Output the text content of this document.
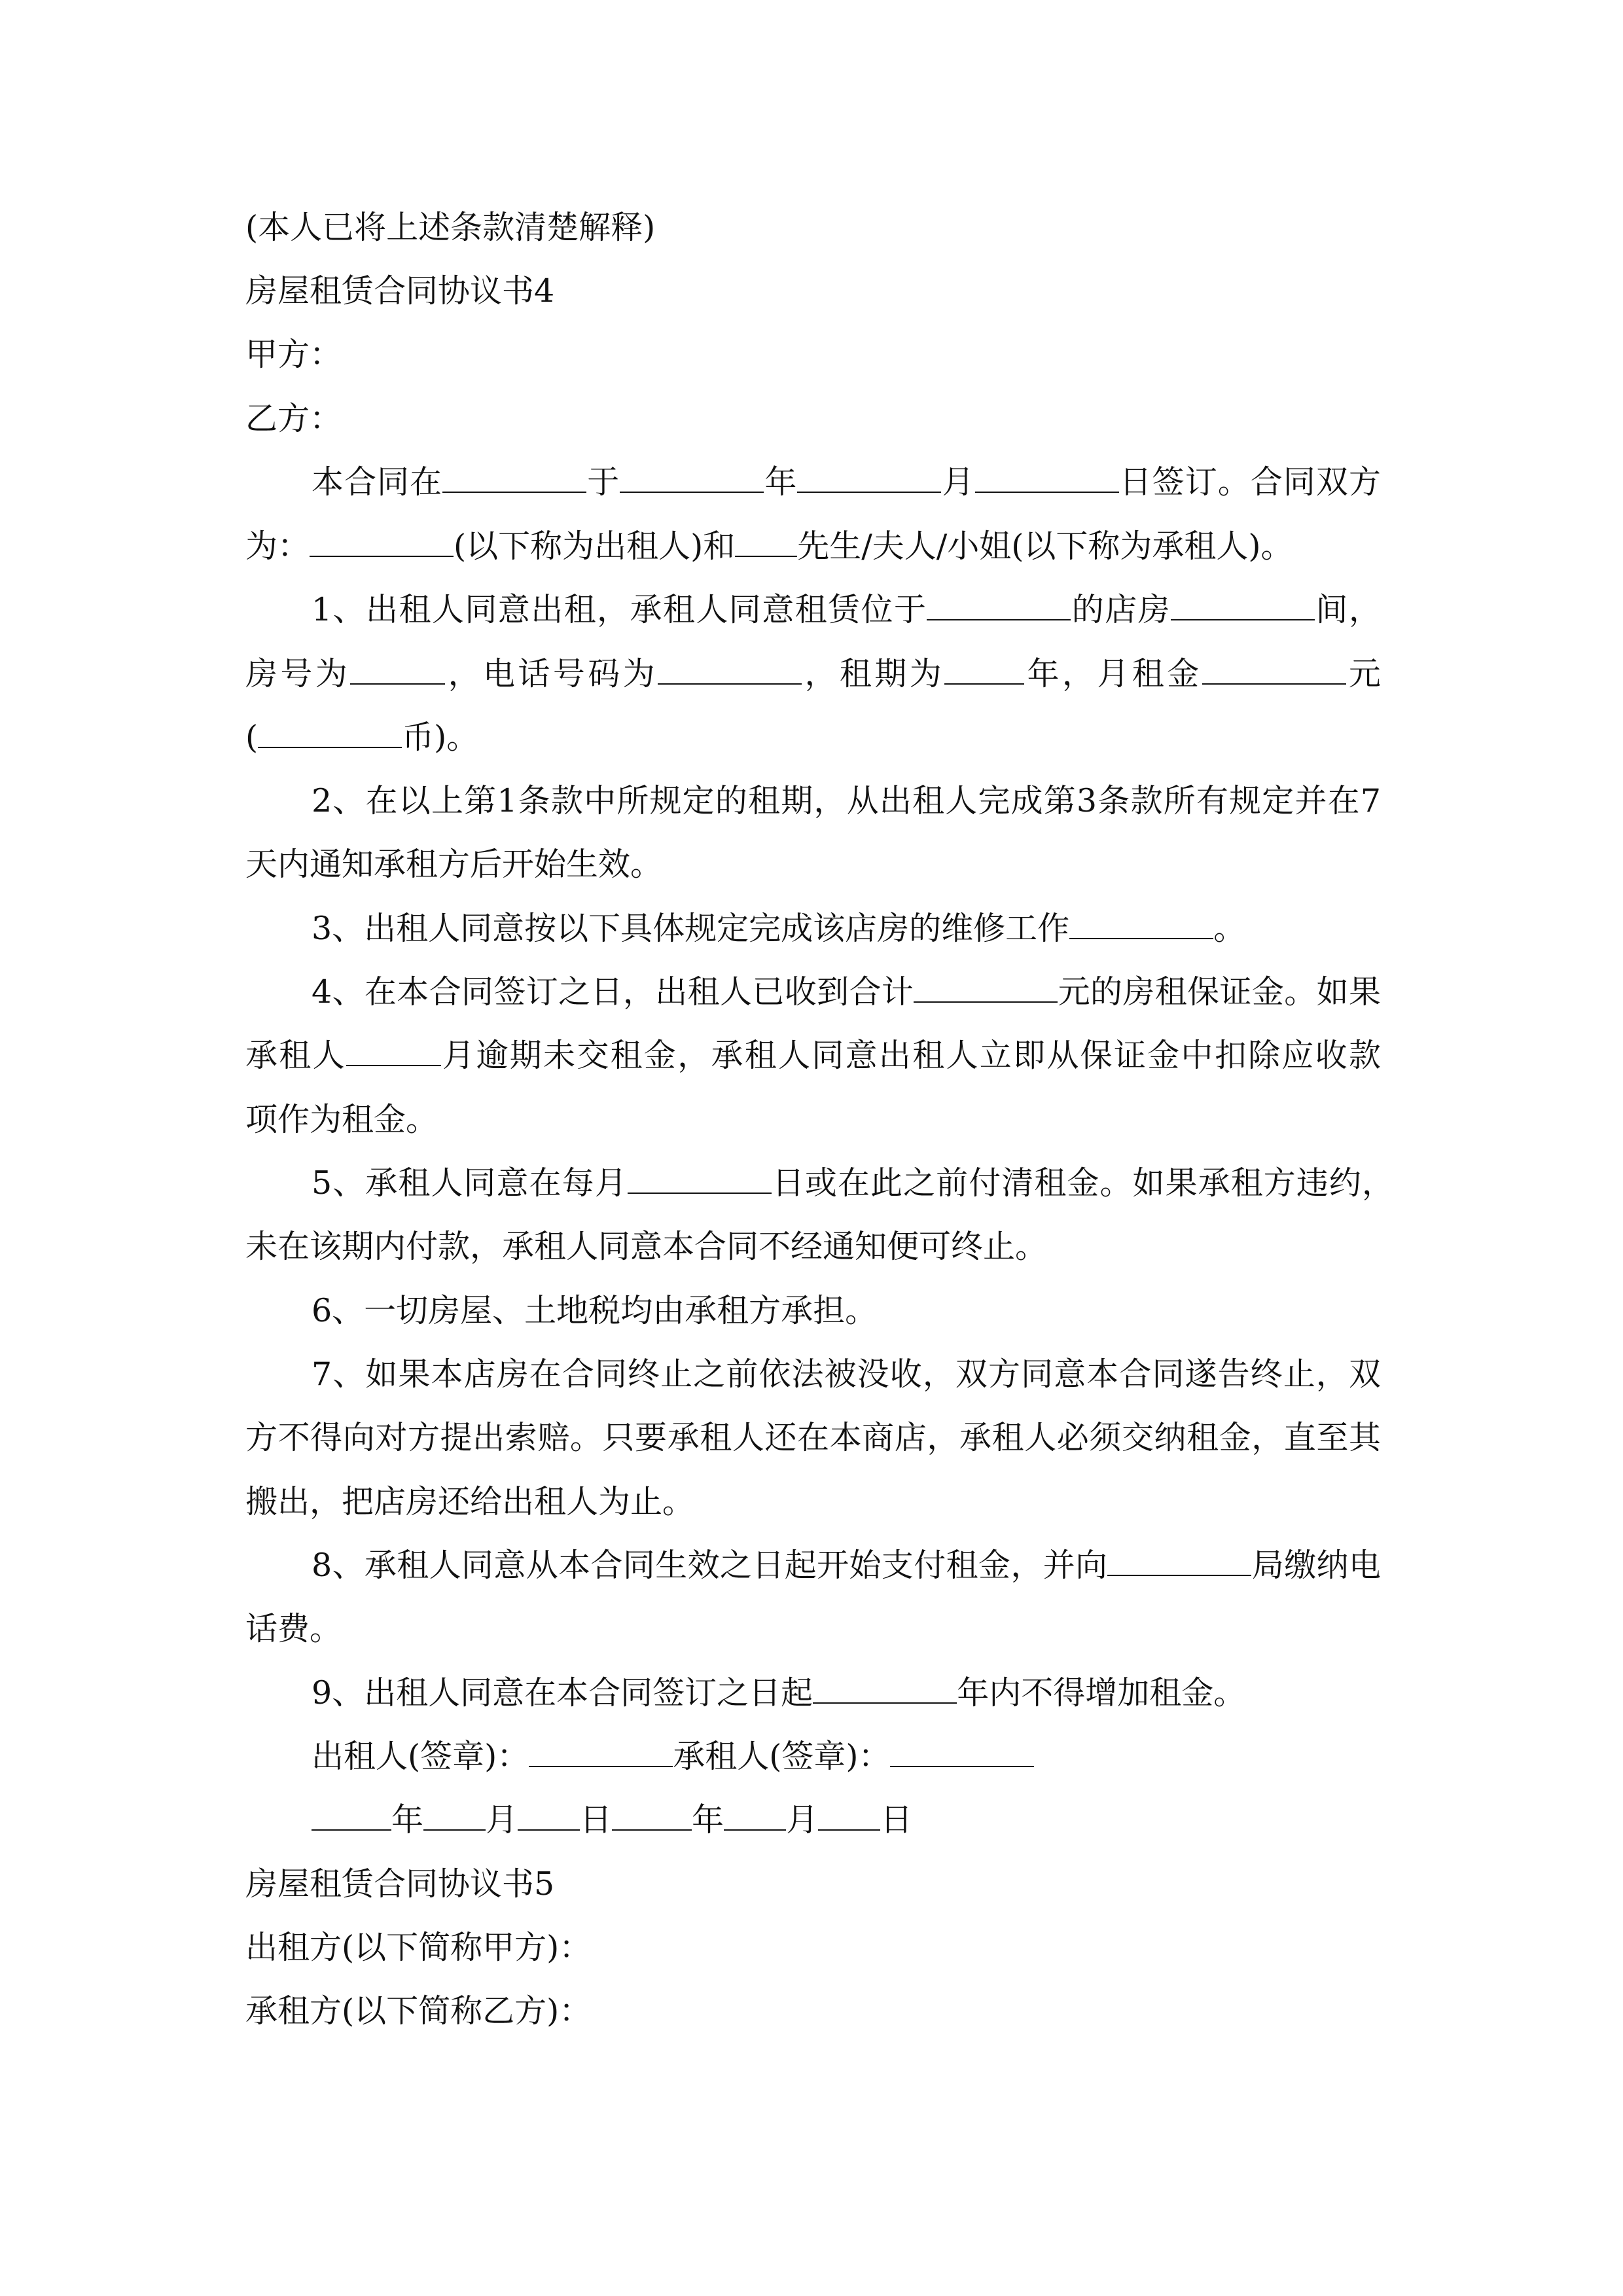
(本人已将上述条款清楚解释)

房屋租赁合同协议书4

甲方：

乙方：

本合同在	于	年	月	日签订。合同双方

为：	(以下称为出租人)和 先生/夫人/小姐(以下称为承租人)。

1、出租人同意出租，承租人同意租赁位于	的店房	间，

房号为	，电话号码为	，租期为 年，月租金	元

(	币)。

2、在以上第1条款中所规定的租期，从出租人完成第3条款所有规定并在7

天内通知承租方后开始生效。

3、出租人同意按以下具体规定完成该店房的维修工作	。

4、在本合同签订之日，出租人已收到合计	元的房租保证金。如果

承租人	月逾期未交租金，承租人同意出租人立即从保证金中扣除应收款

项作为租金。

5、承租人同意在每月	日或在此之前付清租金。如果承租方违约，

未在该期内付款，承租人同意本合同不经通知便可终止。

6、一切房屋、土地税均由承租方承担。

7、如果本店房在合同终止之前依法被没收，双方同意本合同遂告终止，双

方不得向对方提出索赔。只要承租人还在本商店，承租人必须交纳租金，直至其

搬出，把店房还给出租人为止。

8、承租人同意从本合同生效之日起开始支付租金，并向	局缴纳电

话费。

9、出租人同意在本合同签订之日起	年内不得增加租金。

出租人(签章)：	承租人(签章)：

年 月 日 年 月 日

房屋租赁合同协议书5

出租方(以下简称甲方)：

承租方(以下简称乙方)：
